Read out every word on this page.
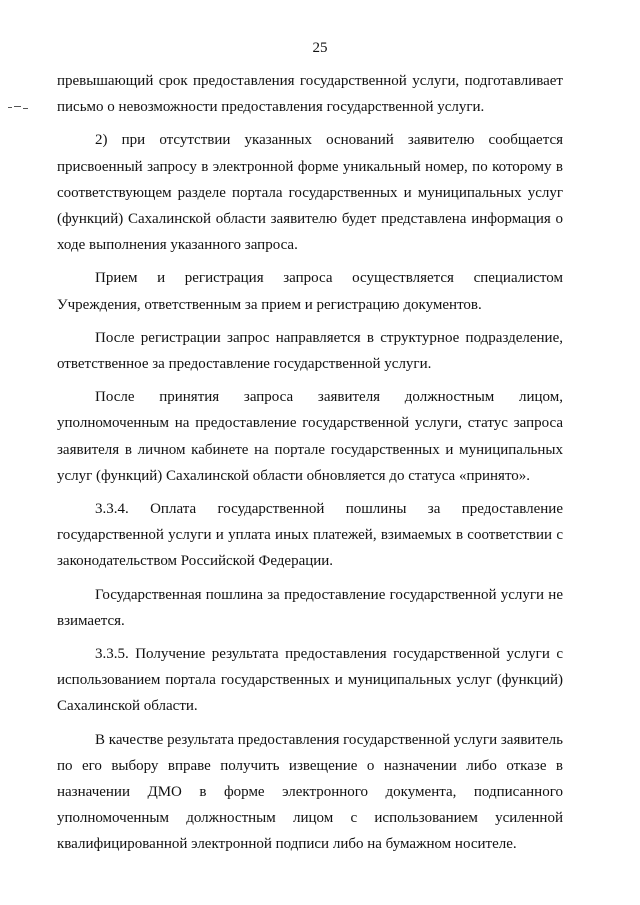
25

превышающий срок предоставления государственной услуги, подготавливает письмо о невозможности предоставления государственной услуги.

2) при отсутствии указанных оснований заявителю сообщается присвоенный запросу в электронной форме уникальный номер, по которому в соответствующем разделе портала государственных и муниципальных услуг (функций) Сахалинской области заявителю будет представлена информация о ходе выполнения указанного запроса.

Прием и регистрация запроса осуществляется специалистом Учреждения, ответственным за прием и регистрацию документов.

После регистрации запрос направляется в структурное подразделение, ответственное за предоставление государственной услуги.

После принятия запроса заявителя должностным лицом, уполномоченным на предоставление государственной услуги, статус запроса заявителя в личном кабинете на портале государственных и муниципальных услуг (функций) Сахалинской области обновляется до статуса «принято».

3.3.4. Оплата государственной пошлины за предоставление государственной услуги и уплата иных платежей, взимаемых в соответствии с законодательством Российской Федерации.

Государственная пошлина за предоставление государственной услуги не взимается.

3.3.5. Получение результата предоставления государственной услуги с использованием портала государственных и муниципальных услуг (функций) Сахалинской области.

В качестве результата предоставления государственной услуги заявитель по его выбору вправе получить извещение о назначении либо отказе в назначении ДМО в форме электронного документа, подписанного уполномоченным должностным лицом с использованием усиленной квалифицированной электронной подписи либо на бумажном носителе.
